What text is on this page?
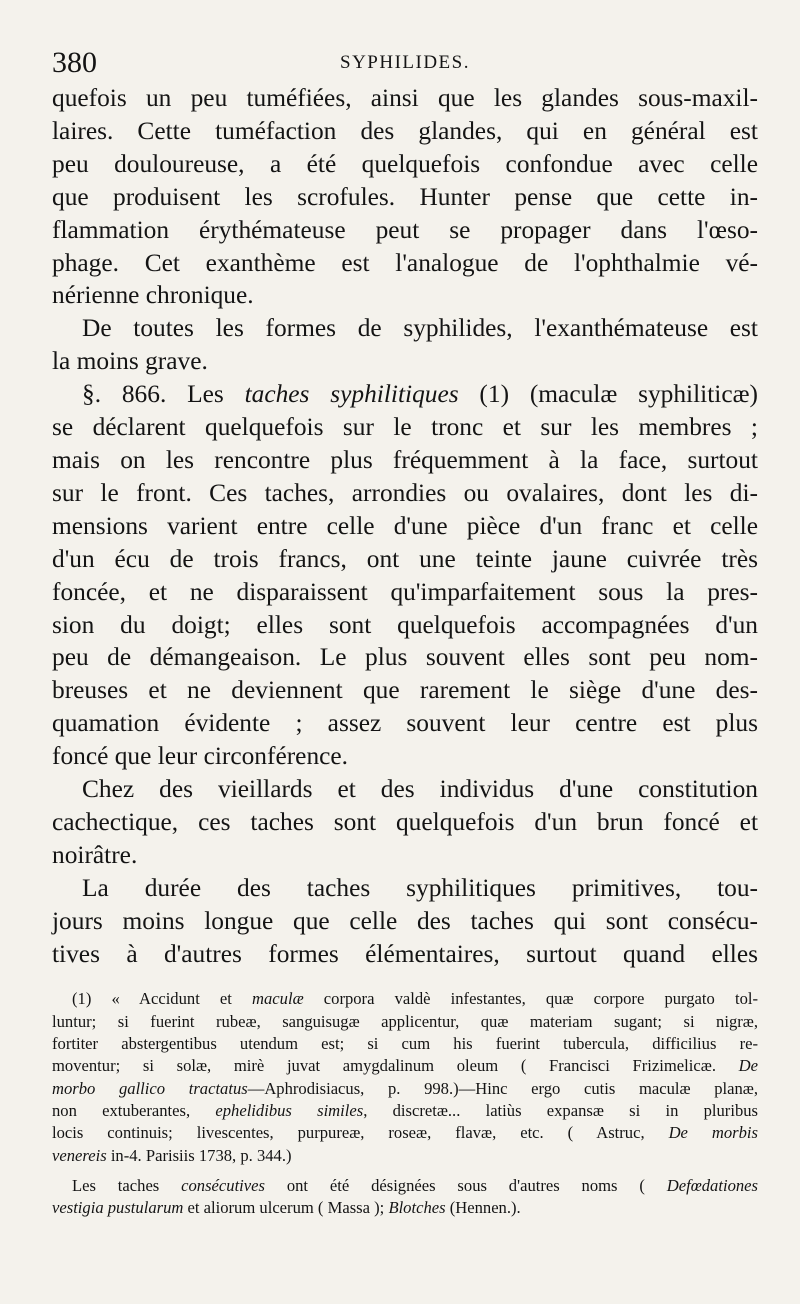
380	SYPHILIDES.

quefois un peu tuméfiées, ainsi que les glandes sous-maxil-
laires. Cette tuméfaction des glandes, qui en général est
peu douloureuse, a été quelquefois confondue avec celle
que produisent les scrofules. Hunter pense que cette in-
flammation érythémateuse peut se propager dans l'œso-
phage. Cet exanthème est l'analogue de l'ophthalmie vé-
nérienne chronique.

De toutes les formes de syphilides, l'exanthémateuse est
la moins grave.

§. 866. Les taches syphilitiques (1) (maculæ syphiliticæ)
se déclarent quelquefois sur le tronc et sur les membres ;
mais on les rencontre plus fréquemment à la face, surtout
sur le front. Ces taches, arrondies ou ovalaires, dont les di-
mensions varient entre celle d'une pièce d'un franc et celle
d'un écu de trois francs, ont une teinte jaune cuivrée très
foncée, et ne disparaissent qu'imparfaitement sous la pres-
sion du doigt; elles sont quelquefois accompagnées d'un
peu de démangeaison. Le plus souvent elles sont peu nom-
breuses et ne deviennent que rarement le siège d'une des-
quamation évidente ; assez souvent leur centre est plus
foncé que leur circonférence.

Chez des vieillards et des individus d'une constitution
cachectique, ces taches sont quelquefois d'un brun foncé et
noirâtre.

La durée des taches syphilitiques primitives, tou-
jours moins longue que celle des taches qui sont consécu-
tives à d'autres formes élémentaires, surtout quand elles

(1) « Accidunt et maculæ corpora valdè infestantes, quæ corpore purgato tol-
luntur; si fuerint rubeæ, sanguisugæ applicentur, quæ materiam sugant; si nigræ,
fortiter abstergentibus utendum est; si cum his fuerint tubercula, difficilius re-
moventur; si solæ, mirè juvat amygdalinum oleum ( Francisci Frizimelicæ. De
morbo gallico tractatus—Aphrodisiacus, p. 998.)—Hinc ergo cutis maculæ planæ,
non extuberantes, ephelidibus similes, discretæ... latiùs expansæ si in pluribus
locis continuis; livescentes, purpureæ, roseæ, flavæ, etc. ( Astruc, De morbis
venereis in-4. Parisiis 1738, p. 344.)
Les taches consécutives ont été désignées sous d'autres noms ( Defœdationes
vestigia pustularum et aliorum ulcerum ( Massa ); Blotches (Hennen.).
